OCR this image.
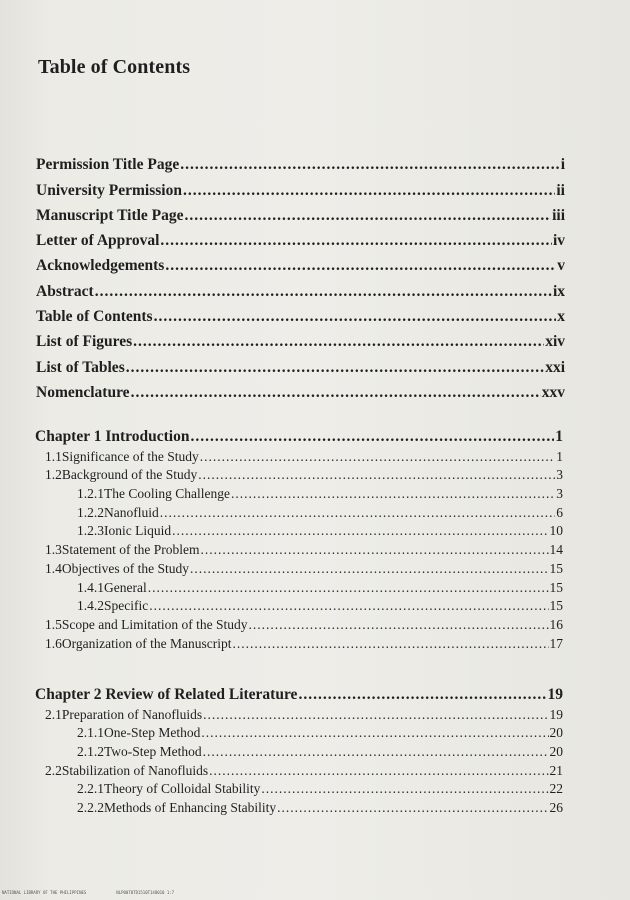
Table of Contents
Permission Title Page .....	i
University Permission .....	ii
Manuscript Title Page .....	iii
Letter of Approval .....	iv
Acknowledgements .....	v
Abstract .....	ix
Table of Contents .....	x
List of Figures .....	xiv
List of Tables .....	xxi
Nomenclature .....	xxv
Chapter 1 Introduction .....	1
1.1 Significance of the Study .....	1
1.2 Background of the Study .....	3
1.2.1 The Cooling Challenge .....	3
1.2.2 Nanofluid .....	6
1.2.3 Ionic Liquid .....	10
1.3 Statement of the Problem .....	14
1.4 Objectives of the Study .....	15
1.4.1 General .....	15
1.4.2 Specific .....	15
1.5 Scope and Limitation of the Study .....	16
1.6 Organization of the Manuscript .....	17
Chapter 2 Review of Related Literature .....	19
2.1 Preparation of Nanofluids .....	19
2.1.1 One-Step Method .....	20
2.1.2 Two-Step Method .....	20
2.2 Stabilization of Nanofluids .....	21
2.2.1 Theory of Colloidal Stability .....	22
2.2.2 Methods of Enhancing Stability .....	26
NATIONAL LIBRARY OF THE PHILIPPINES	NLP00T0TD1510T148010 1:7
